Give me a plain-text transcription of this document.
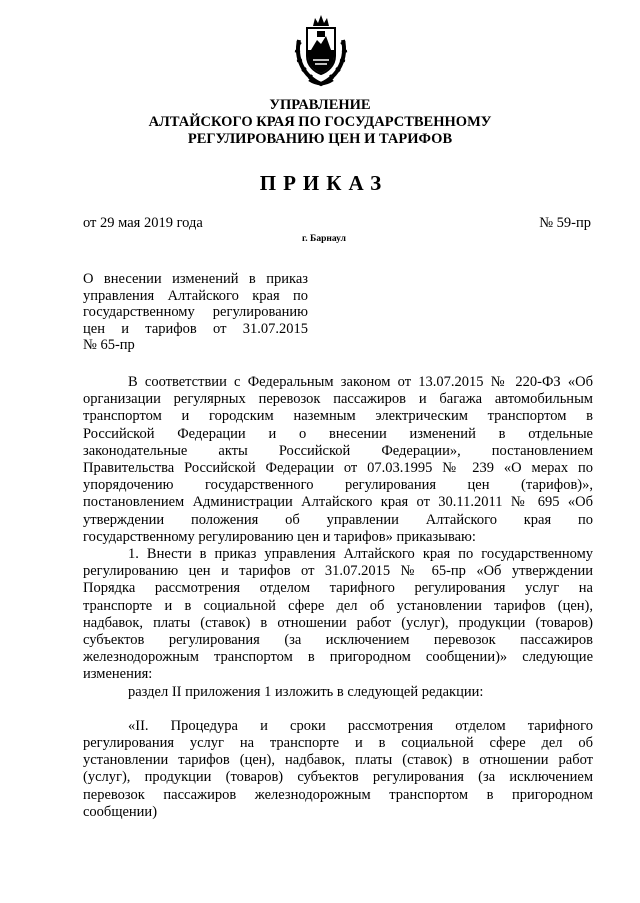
УПРАВЛЕНИЕ
АЛТАЙСКОГО КРАЯ ПО ГОСУДАРСТВЕННОМУ
РЕГУЛИРОВАНИЮ ЦЕН И ТАРИФОВ
ПРИКАЗ
от 29 мая 2019 года	№ 59-пр
г. Барнаул
О внесении изменений в приказ
управления Алтайского края по
государственному регулированию
цен и тарифов от 31.07.2015
№ 65-пр
В соответствии с Федеральным законом от 13.07.2015 № 220-ФЗ «Об
организации регулярных перевозок пассажиров и багажа автомобильным
транспортом и городским наземным электрическим транспортом в
Российской Федерации и о внесении изменений в отдельные
законодательные акты Российской Федерации», постановлением
Правительства Российской Федерации от 07.03.1995 № 239 «О мерах по
упорядочению государственного регулирования цен (тарифов)»,
постановлением Администрации Алтайского края от 30.11.2011 № 695 «Об
утверждении положения об управлении Алтайского края по
государственному регулированию цен и тарифов» приказываю:
1. Внести в приказ управления Алтайского края по государственному
регулированию цен и тарифов от 31.07.2015 № 65-пр «Об утверждении
Порядка рассмотрения отделом тарифного регулирования услуг на
транспорте и в социальной сфере дел об установлении тарифов (цен),
надбавок, платы (ставок) в отношении работ (услуг), продукции (товаров)
субъектов регулирования (за исключением перевозок пассажиров
железнодорожным транспортом в пригородном сообщении)» следующие
изменения:
раздел II приложения 1 изложить в следующей редакции:
«II. Процедура и сроки рассмотрения отделом тарифного
регулирования услуг на транспорте и в социальной сфере дел об
установлении тарифов (цен), надбавок, платы (ставок) в отношении работ
(услуг), продукции (товаров) субъектов регулирования (за исключением
перевозок пассажиров железнодорожным транспортом в пригородном
сообщении)
